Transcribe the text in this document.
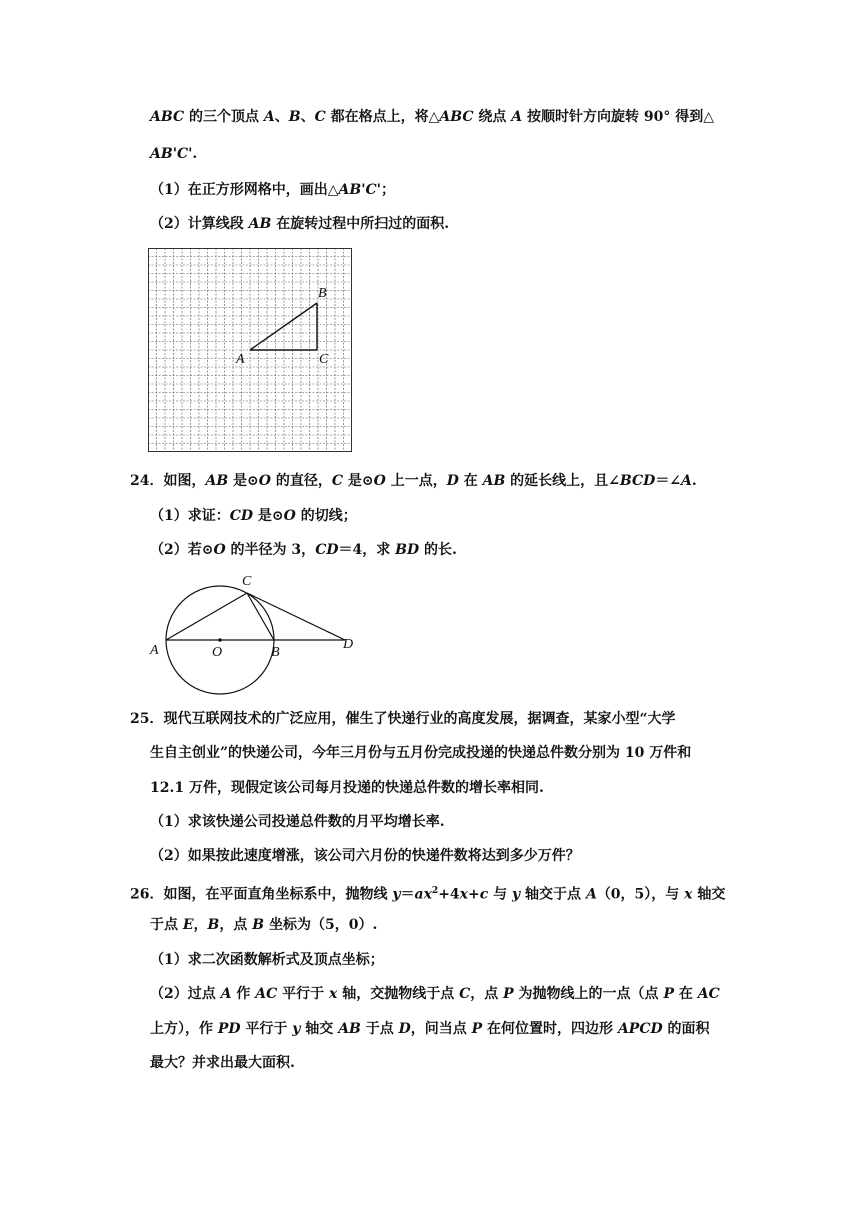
ABC 的三个顶点 A、B、C 都在格点上，将△ABC 绕点 A 按顺时针方向旋转 90° 得到△
AB'C'.
（1）在正方形网格中，画出△AB'C'；
（2）计算线段 AB 在旋转过程中所扫过的面积.
A
B
C
24．如图，AB 是⊙O 的直径，C 是⊙O 上一点，D 在 AB 的延长线上，且∠BCD＝∠A.
（1）求证：CD 是⊙O 的切线；
（2）若⊙O 的半径为 3，CD＝4，求 BD 的长.
A	O	B
C
D
25．现代互联网技术的广泛应用，催生了快递行业的高度发展，据调查，某家小型“大学
生自主创业”的快递公司，今年三月份与五月份完成投递的快递总件数分别为 10 万件和
12.1 万件，现假定该公司每月投递的快递总件数的增长率相同.
（1）求该快递公司投递总件数的月平均增长率.
（2）如果按此速度增涨，该公司六月份的快递件数将达到多少万件？
26．如图，在平面直角坐标系中，抛物线 $y=ax^2+4x+c$ 与 y 轴交于点 A（0，5），与 x 轴交
于点 E，B，点 B 坐标为（5，0）.
（1）求二次函数解析式及顶点坐标；
（2）过点 A 作 AC 平行于 x 轴，交抛物线于点 C，点 P 为抛物线上的一点（点 P 在 AC
上方），作 PD 平行于 y 轴交 AB 于点 D，问当点 P 在何位置时，四边形 APCD 的面积
最大？并求出最大面积.
